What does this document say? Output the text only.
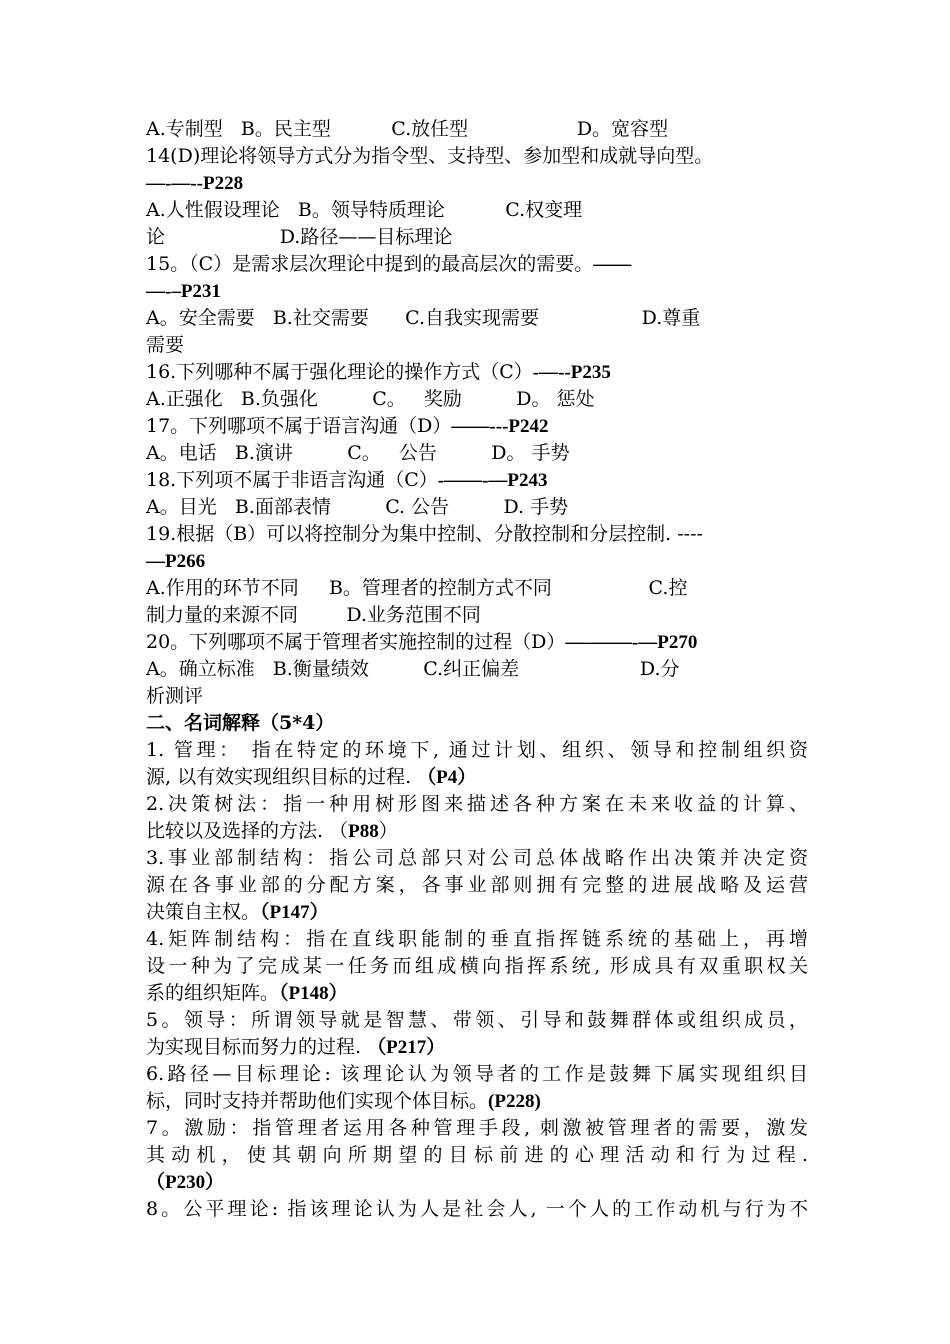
A.专制型   B。民主型          C.放任型                  D。宽容型
14(D)理论将领导方式分为指令型、支持型、参加型和成就导向型。
—-—--P228
A.人性假设理论   B。领导特质理论          C.权变理
论                   D.路径——目标理论
15。（C）是需求层次理论中提到的最高层次的需要。——
—-–P231
A。安全需要   B.社交需要      C.自我实现需要                 D.尊重
需要
16.下列哪种不属于强化理论的操作方式（C）-—--P235
A.正强化   B.负强化         C。   奖励         D。 惩处
17。下列哪项不属于语言沟通（D）——---P242
A。电话   B.演讲         C。   公告         D。 手势
18.下列项不属于非语言沟通（C）-——-—P243
A。目光   B.面部表情         C. 公告         D. 手势
19.根据（B）可以将控制分为集中控制、分散控制和分层控制. ----
—P266
A.作用的环节不同     B。管理者的控制方式不同                C.控
制力量的来源不同        D.业务范围不同
20。下列哪项不属于管理者实施控制的过程（D）—–——-—P270
A。确立标准   B.衡量绩效         C.纠正偏差                    D.分
析测评
二、名词解释（5*4）
1. 管理： 指在特定的环境下, 通过计划、组织、领导和控制组织资
源, 以有效实现组织目标的过程. （P4）
2.决策树法：指一种用树形图来描述各种方案在未来收益的计算、
比较以及选择的方法. （P88）
3.事业部制结构：指公司总部只对公司总体战略作出决策并决定资
源在各事业部的分配方案，各事业部则拥有完整的进展战略及运营
决策自主权。（P147）
4.矩阵制结构：指在直线职能制的垂直指挥链系统的基础上，再增
设一种为了完成某一任务而组成横向指挥系统, 形成具有双重职权关
系的组织矩阵。（P148）
5。领导：所谓领导就是智慧、带领、引导和鼓舞群体或组织成员，
为实现目标而努力的过程. （P217）
6.路径—目标理论: 该理论认为领导者的工作是鼓舞下属实现组织目
标，同时支持并帮助他们实现个体目标。(P228)
7。激励：指管理者运用各种管理手段, 刺激被管理者的需要，激发
其动机，使其朝向所期望的目标前进的心理活动和行为过程.
（P230）
8。公平理论: 指该理论认为人是社会人, 一个人的工作动机与行为不
